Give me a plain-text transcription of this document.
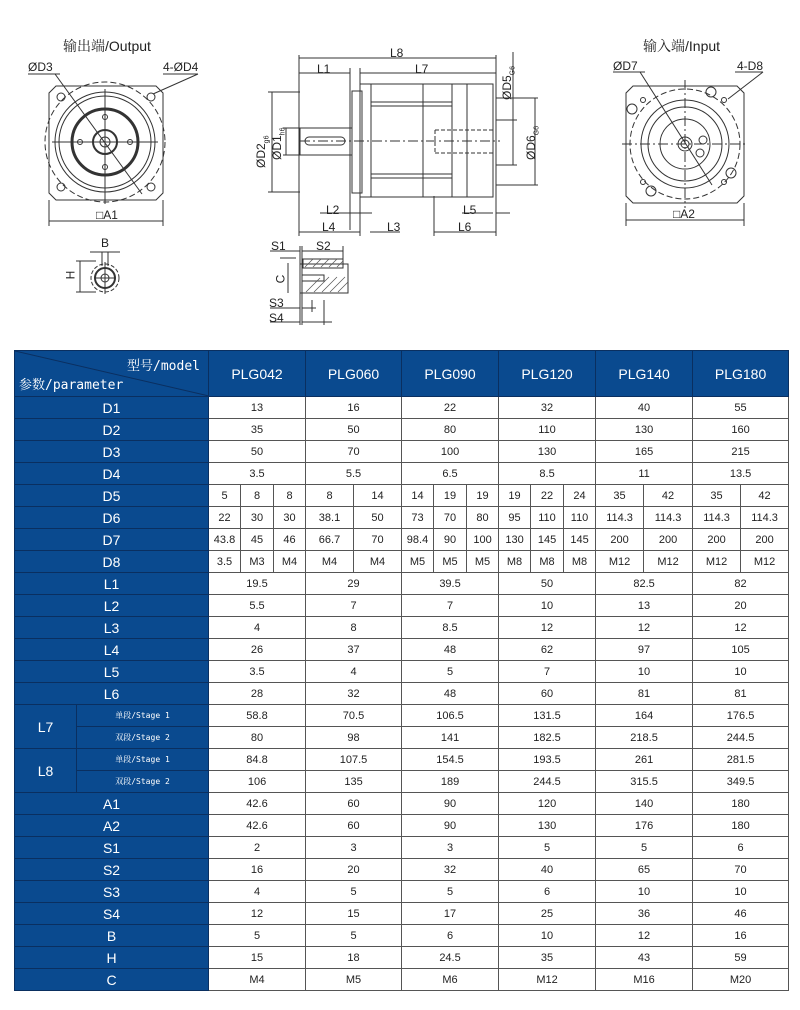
输出端/Output
ØD3	4-ØD4
□A1
B
H
L8
L1	L7
$ØD5_{G6}$
$ØD6_{G6}$
$ØD2_{g6}$ $ØD1_{h6}$
L2
L4	L3
L5
L6
S1	S2
C
S3
S4
输入端/Input
ØD7	4-D8
□A2
型号/model
参数/parameter		PLG042			PLG060		PLG090			PLG120			PLG140		PLG180	
D1		13			16		22			32			40		55	
D2		35			50		80			110			130		160	
D3		50			70		100			130			165		215	
D4		3.5			5.5		6.5			8.5			11		13.5	
D5		5	8	8	8	14	14	19	19	19	22	24	35	42	35	42
D6		22	30	30	38.1	50	73	70	80	95	110	110	114.3	114.3	114.3	114.3
D7		43.8	45	46	66.7	70	98.4	90	100	130	145	145	200	200	200	200
D8		3.5	M3	M4	M4	M4	M5	M5	M5	M8	M8	M8	M12	M12	M12	M12
L1		19.5			29		39.5			50			82.5		82	
L2		5.5			7		7			10			13		20	
L3		4			8		8.5			12			12		12	
L4		26			37		48			62			97		105	
L5		3.5			4		5			7			10		10	
L6		28			32		48			60			81		81	
L7	单段/Stage 1	58.8			70.5		106.5			131.5			164		176.5	
	双段/Stage 2	80			98		141			182.5			218.5		244.5	
L8	单段/Stage 1	84.8			107.5		154.5			193.5			261		281.5	
	双段/Stage 2	106			135		189			244.5			315.5		349.5	
A1		42.6			60		90			120			140		180	
A2		42.6			60		90			130			176		180	
S1		2			3		3			5			5		6	
S2		16			20		32			40			65		70	
S3		4			5		5			6			10		10	
S4		12			15		17			25			36		46	
B		5			5		6			10			12		16	
H		15			18		24.5			35			43		59	
C		M4			M5		M6			M12			M16		M20	
